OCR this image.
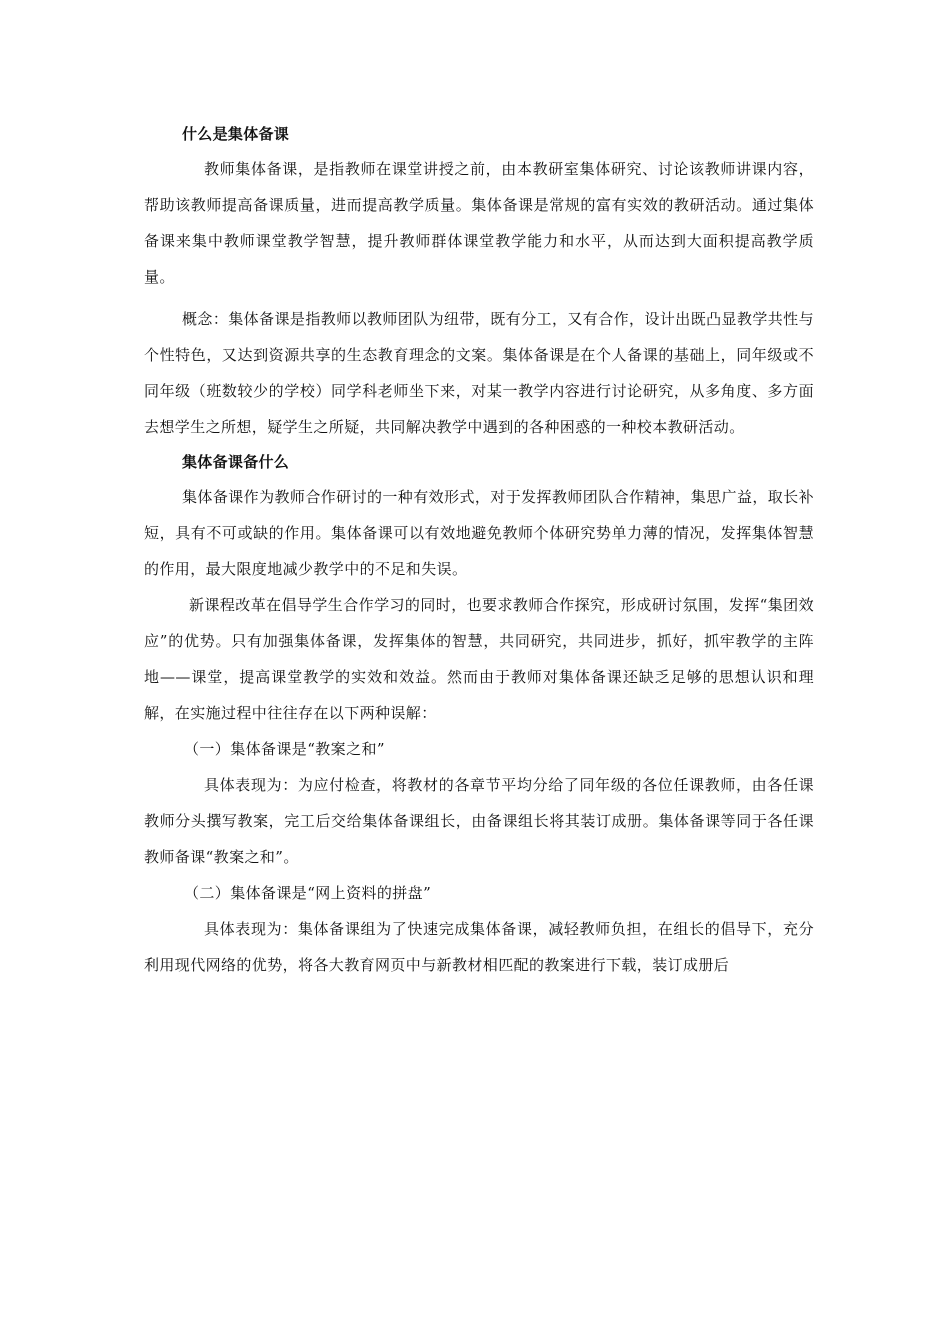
什么是集体备课

教师集体备课，是指教师在课堂讲授之前，由本教研室集体研究、讨论该教师讲课内容，帮助该教师提高备课质量，进而提高教学质量。集体备课是常规的富有实效的教研活动。通过集体备课来集中教师课堂教学智慧，提升教师群体课堂教学能力和水平，从而达到大面积提高教学质量。

概念：集体备课是指教师以教师团队为纽带，既有分工，又有合作，设计出既凸显教学共性与个性特色，又达到资源共享的生态教育理念的文案。集体备课是在个人备课的基础上，同年级或不同年级（班数较少的学校）同学科老师坐下来，对某一教学内容进行讨论研究，从多角度、多方面去想学生之所想，疑学生之所疑，共同解决教学中遇到的各种困惑的一种校本教研活动。

集体备课备什么

集体备课作为教师合作研讨的一种有效形式，对于发挥教师团队合作精神，集思广益，取长补短，具有不可或缺的作用。集体备课可以有效地避免教师个体研究势单力薄的情况，发挥集体智慧的作用，最大限度地减少教学中的不足和失误。

新课程改革在倡导学生合作学习的同时，也要求教师合作探究，形成研讨氛围，发挥“集团效应”的优势。只有加强集体备课，发挥集体的智慧，共同研究，共同进步，抓好，抓牢教学的主阵地——课堂，提高课堂教学的实效和效益。然而由于教师对集体备课还缺乏足够的思想认识和理解，在实施过程中往往存在以下两种误解：

（一）集体备课是“教案之和”

具体表现为：为应付检查，将教材的各章节平均分给了同年级的各位任课教师，由各任课教师分头撰写教案，完工后交给集体备课组长，由备课组长将其装订成册。集体备课等同于各任课教师备课“教案之和”。

（二）集体备课是“网上资料的拼盘”

具体表现为：集体备课组为了快速完成集体备课，减轻教师负担，在组长的倡导下，充分利用现代网络的优势，将各大教育网页中与新教材相匹配的教案进行下载，装订成册后
